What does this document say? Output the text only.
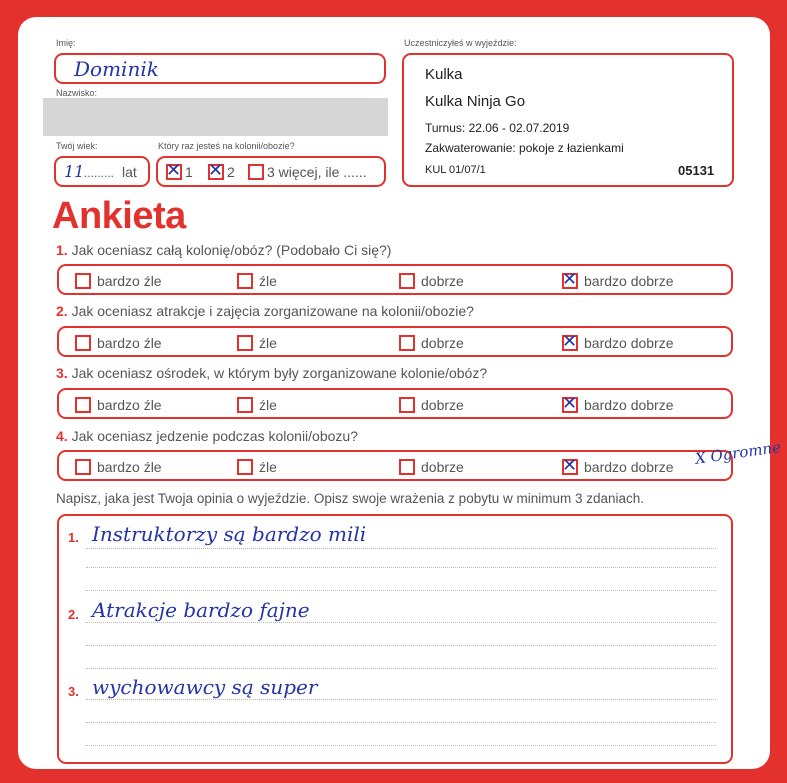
Imię:
Dominik
Nazwisko:
Twój wiek:
11 ......... lat
Który raz jesteś na kolonii/obozie?
✕1 ✕	2	3 więcej, ile ......
Uczestniczyłeś w wyjeździe:
Kulka
Kulka Ninja Go
Turnus: 22.06 - 02.07.2019
Zakwaterowanie: pokoje z łazienkami
KUL 01/07/1	05131
Ankieta
1. Jak oceniasz całą kolonię/obóz? (Podobało Ci się?)
bardzo źle	źle	dobrze ✕	bardzo dobrze
2. Jak oceniasz atrakcje i zajęcia zorganizowane na kolonii/obozie?
bardzo źle	źle	dobrze ✕	bardzo dobrze
3. Jak oceniasz ośrodek, w którym były zorganizowane kolonie/obóz?
bardzo źle	źle	dobrze ✕	bardzo dobrze
4. Jak oceniasz jedzenie podczas kolonii/obozu?
bardzo źle	źle	dobrze ✕	bardzo dobrze X Ogromne
Napisz, jaka jest Twoja opinia o wyjeździe. Opisz swoje wrażenia z pobytu w minimum 3 zdaniach.
1. Instruktorzy są bardzo mili
2. Atrakcje bardzo fajne
3. wychowawcy są super
